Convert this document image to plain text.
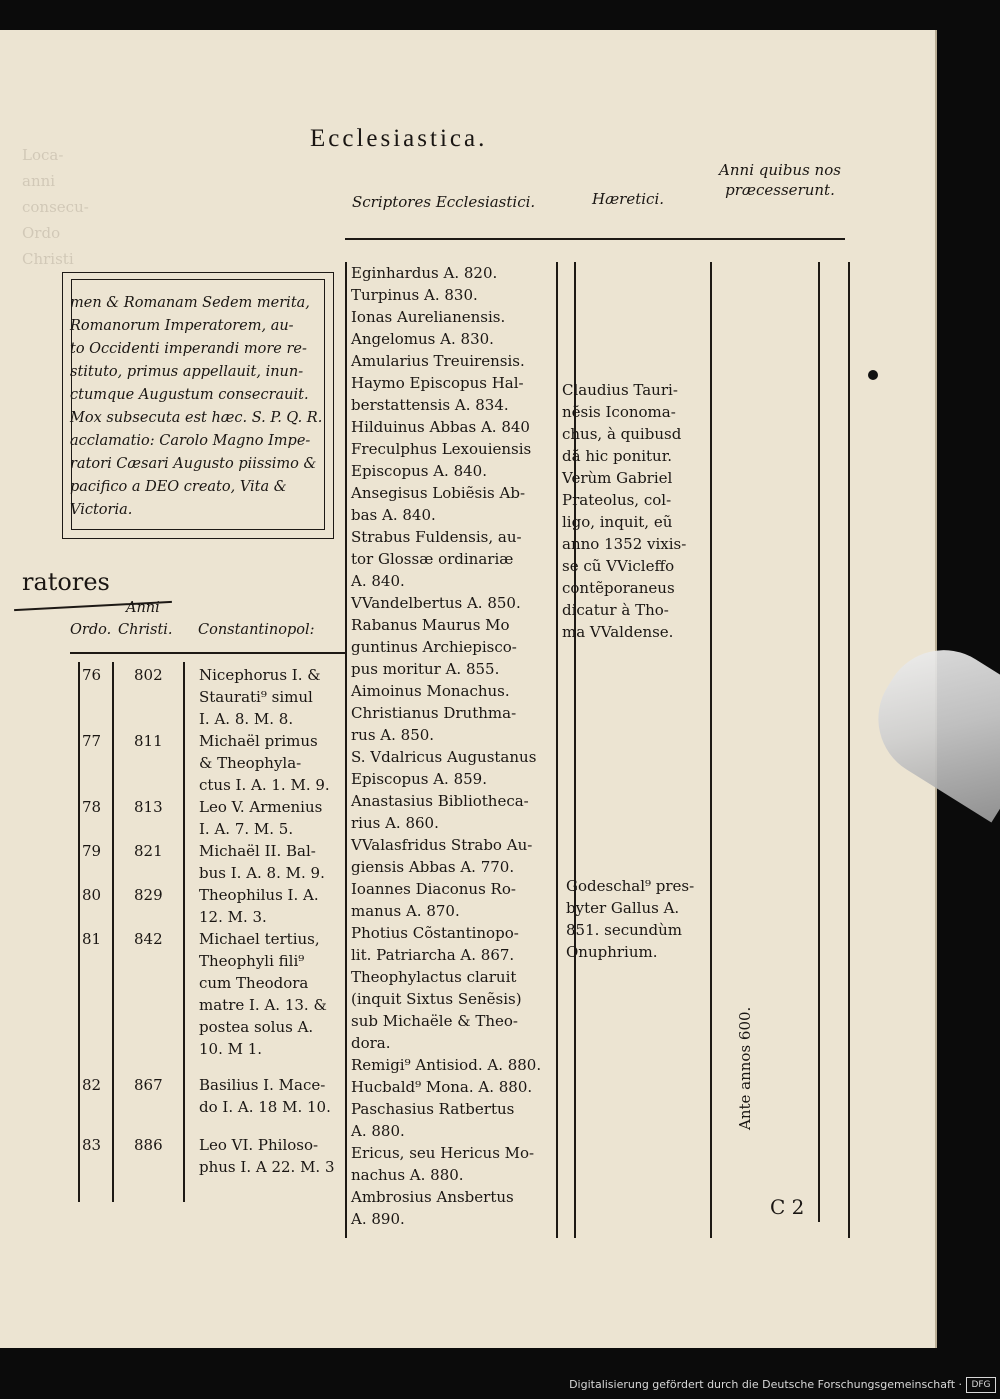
Loca-
anni
consecu-
Ordo
Christi
Ecclesiastica.
Scriptores Ecclesiastici.	Hæretici.
Anni quibus nos
præcesserunt.
men & Romanam Sedem merita,
Romanorum Imperatorem, au-
to Occidenti imperandi more re-
stituto, primus appellauit, inun-
ctumque Augustum consecrauit.
Mox subsecuta est hæc. S. P. Q. R.
acclamatio: Carolo Magno Impe-
ratori Cæsari Augusto piissimo &
pacifico a DEO creato, Vita &
Victoria.
ratores
Anni
Ordo. Christi. Constantinopol:
76	802	Nicephorus I. &
Staurati⁹ simul
I. A. 8. M. 8.
77	811	Michaël primus
& Theophyla-
ctus I. A. 1. M. 9.
78	813	Leo V. Armenius
I. A. 7. M. 5.
79	821	Michaël II. Bal-
bus I. A. 8. M. 9.
80	829	Theophilus I. A.
12. M. 3.
81	842	Michael tertius,
Theophyli fili⁹
cum Theodora
matre I. A. 13. &
postea solus A.
10. M 1.
82	867	Basilius I. Mace-
do I. A. 18 M. 10.
83	886	Leo VI. Philoso-
phus I. A 22. M. 3
Eginhardus A. 820.
Turpinus A. 830.
Ionas Aurelianensis.
Angelomus A. 830.
Amularius Treuirensis.
Haymo Episcopus Hal-
berstattensis A. 834.
Hilduinus Abbas A. 840
Freculphus Lexouiensis
Episcopus A. 840.
Ansegisus Lobiẽsis Ab-
bas A. 840.
Strabus Fuldensis, au-
tor Glossæ ordinariæ
A. 840.
VVandelbertus A. 850.
Rabanus Maurus Mo
guntinus Archiepisco-
pus moritur A. 855.
Aimoinus Monachus.
Christianus Druthma-
rus A. 850.
S. Vdalricus Augustanus
Episcopus A. 859.
Anastasius Bibliotheca-
rius A. 860.
VValasfridus Strabo Au-
giensis Abbas A. 770.
Ioannes Diaconus Ro-
manus A. 870.
Photius Cõstantinopo-
lit. Patriarcha A. 867.
Theophylactus claruit
(inquit Sixtus Senẽsis)
sub Michaële & Theo-
dora.
Remigi⁹ Antisiod. A. 880.
Hucbald⁹ Mona. A. 880.
Paschasius Ratbertus
A. 880.
Ericus, seu Hericus Mo-
nachus A. 880.
Ambrosius Ansbertus
A. 890.
Claudius Tauri-
nẽsis Iconoma-
chus, à quibusd
dã hic ponitur.
Verùm Gabriel
Prateolus, col-
ligo, inquit, eũ
anno 1352 vixis-
se cũ VVicleffo
contẽporaneus
dicatur à Tho-
ma VValdense.
Godeschal⁹ pres-
byter Gallus A.
851. secundùm
Onuphrium.
Ante annos 600.
C 2
Digitalisierung gefördert durch die Deutsche Forschungsgemeinschaft ·	DFG
